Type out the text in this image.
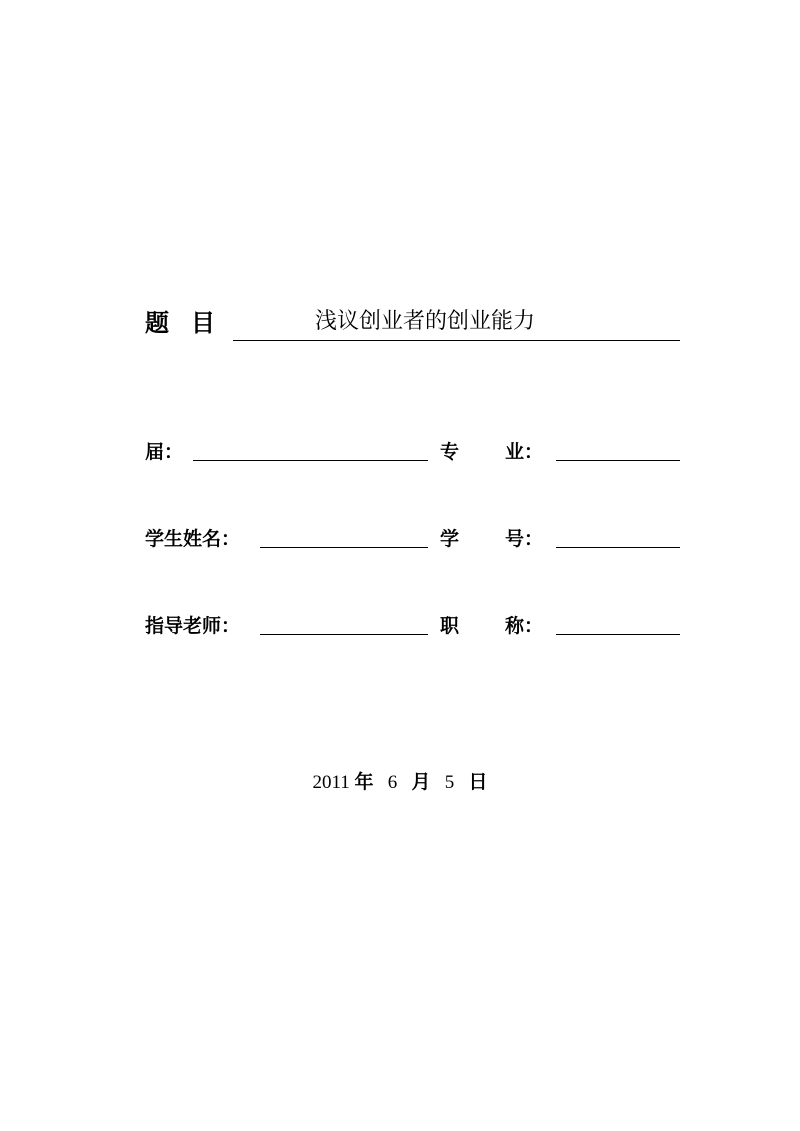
题 目	浅议创业者的创业能力
届：	专 业：
学生姓名：	学 号：
指导老师：	职 称：
2011 年 6 月 5 日
